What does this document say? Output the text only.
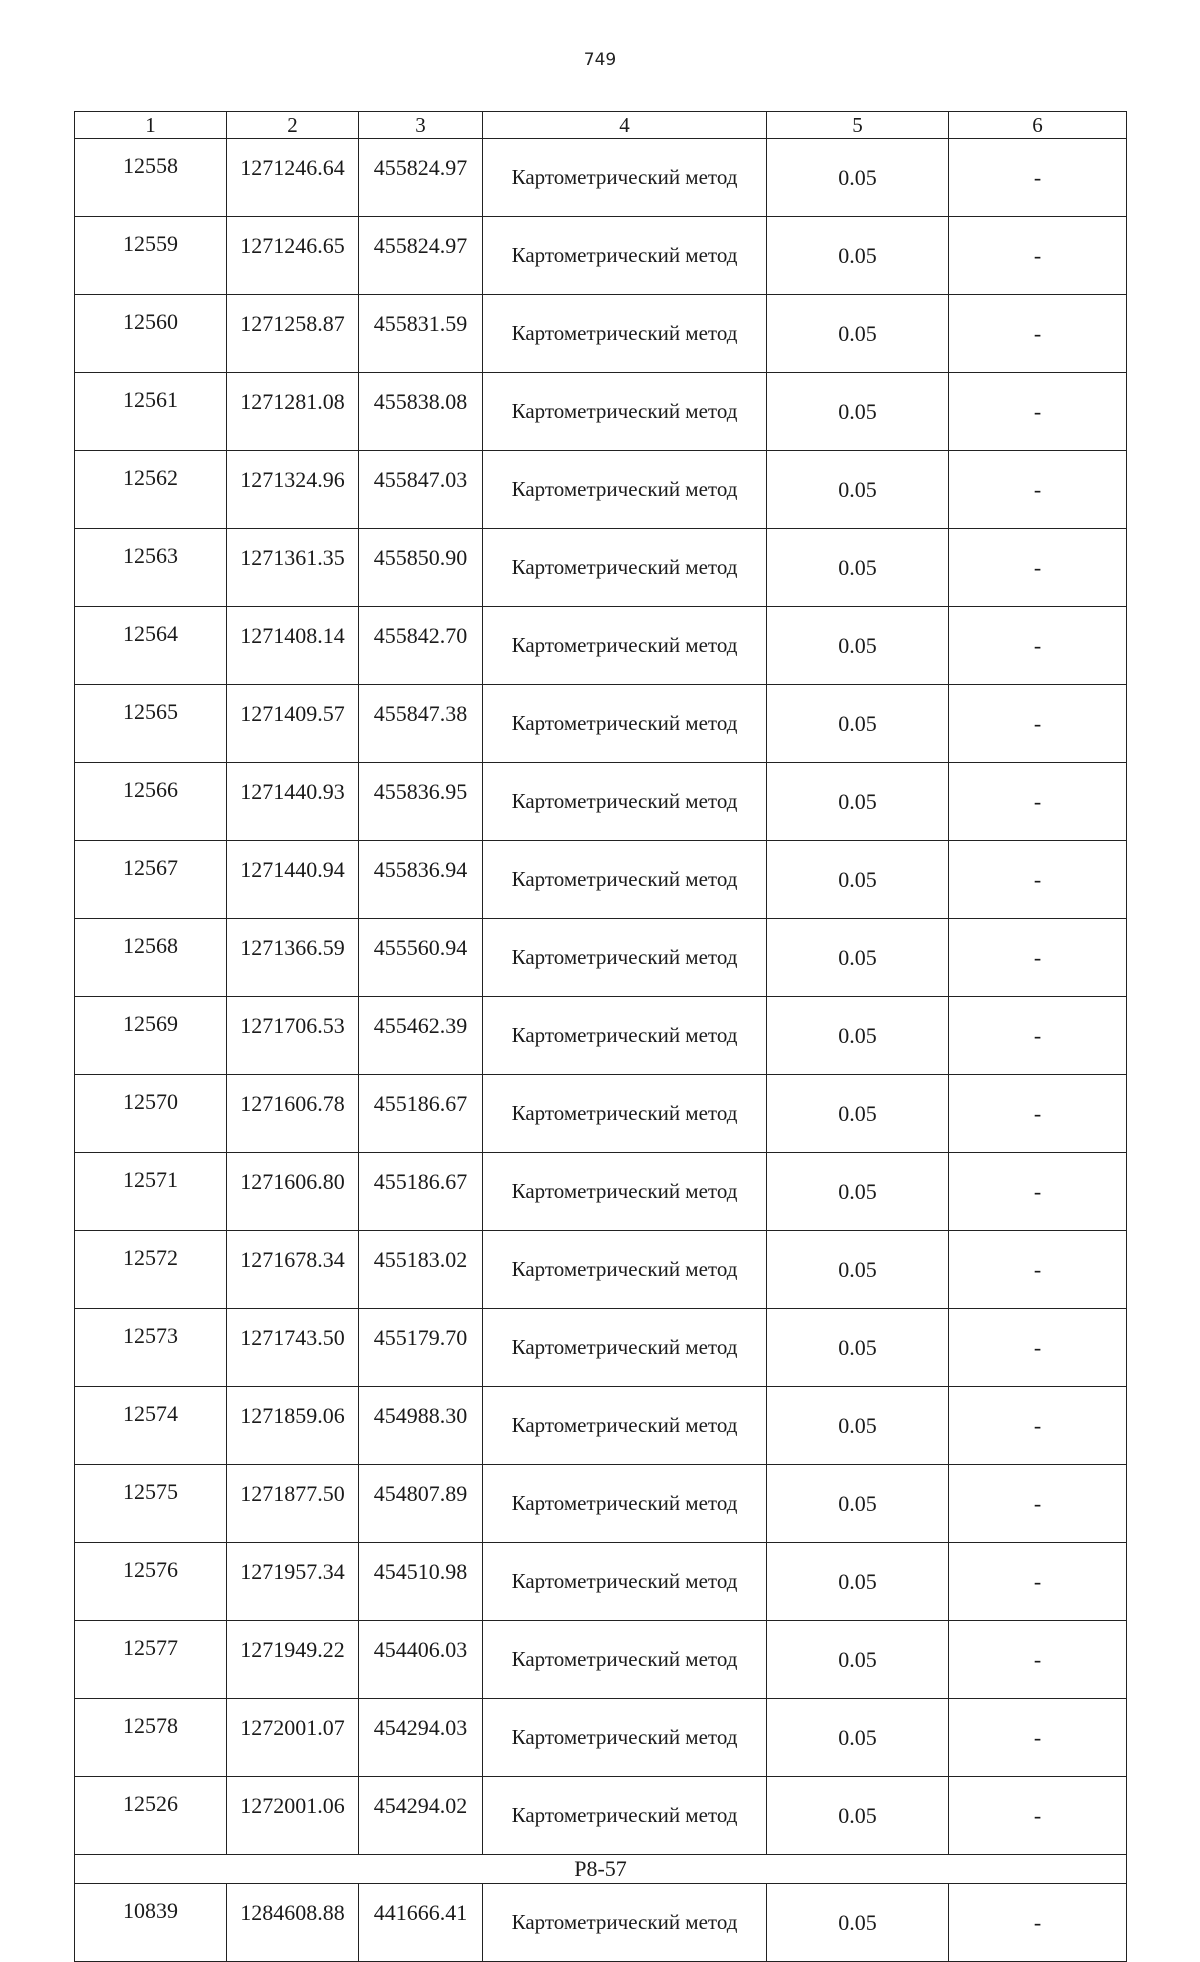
749
1	2	3	4	5	6
12558	1271246.64	455824.97	Картометрический метод	0.05	-
12559	1271246.65	455824.97	Картометрический метод	0.05	-
12560	1271258.87	455831.59	Картометрический метод	0.05	-
12561	1271281.08	455838.08	Картометрический метод	0.05	-
12562	1271324.96	455847.03	Картометрический метод	0.05	-
12563	1271361.35	455850.90	Картометрический метод	0.05	-
12564	1271408.14	455842.70	Картометрический метод	0.05	-
12565	1271409.57	455847.38	Картометрический метод	0.05	-
12566	1271440.93	455836.95	Картометрический метод	0.05	-
12567	1271440.94	455836.94	Картометрический метод	0.05	-
12568	1271366.59	455560.94	Картометрический метод	0.05	-
12569	1271706.53	455462.39	Картометрический метод	0.05	-
12570	1271606.78	455186.67	Картометрический метод	0.05	-
12571	1271606.80	455186.67	Картометрический метод	0.05	-
12572	1271678.34	455183.02	Картометрический метод	0.05	-
12573	1271743.50	455179.70	Картометрический метод	0.05	-
12574	1271859.06	454988.30	Картометрический метод	0.05	-
12575	1271877.50	454807.89	Картометрический метод	0.05	-
12576	1271957.34	454510.98	Картометрический метод	0.05	-
12577	1271949.22	454406.03	Картометрический метод	0.05	-
12578	1272001.07	454294.03	Картометрический метод	0.05	-
12526	1272001.06	454294.02	Картометрический метод	0.05	-
Р8-57					
10839	1284608.88	441666.41	Картометрический метод	0.05	-
